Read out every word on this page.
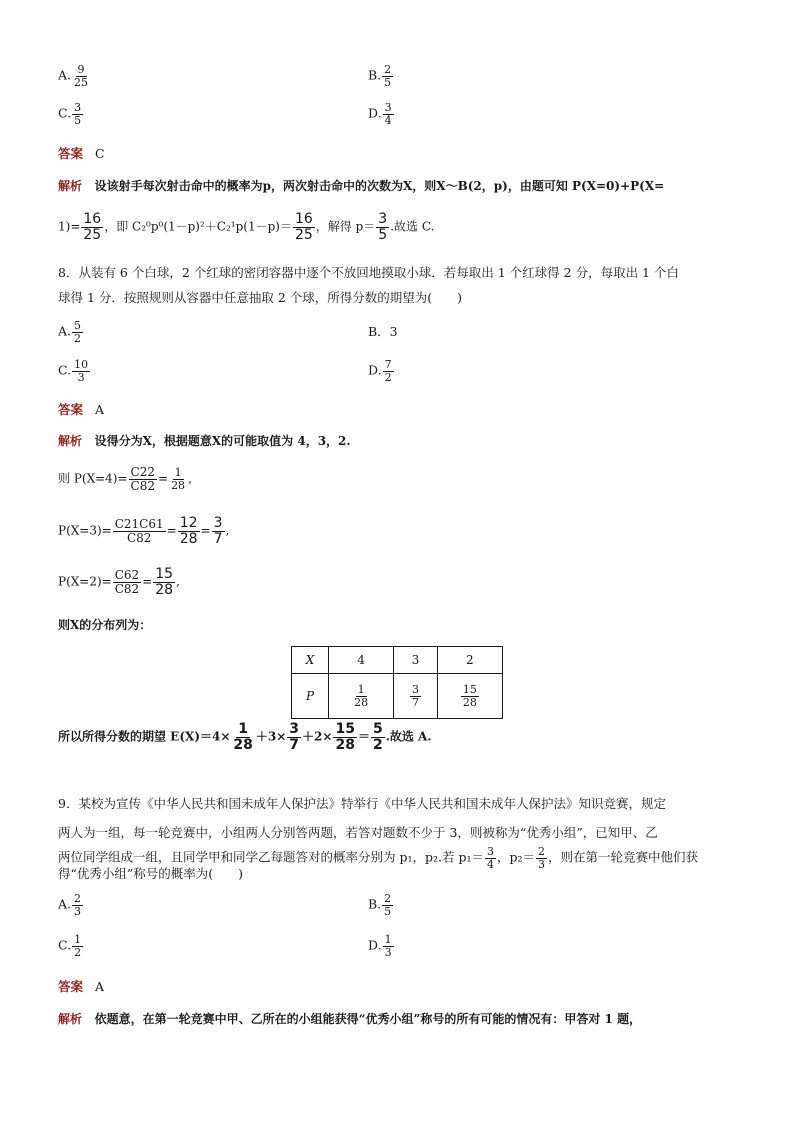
A. $\frac{9}{25}$	B. $\frac{2}{5}$
C. $\frac{3}{5}$	D. $\frac{3}{4}$
答案 C
解析 设该射手每次射击命中的概率为p，两次射击命中的次数为X，则X～B(2，p)，由题可知 P(X=0)+P(X=
$1)= \frac{16}{25}$ ，即 $C_2^0p^0(1-p)^2+C_2^1p(1-p)= \frac{16}{25}$ ，解得 $p= \frac{3}{5}$ .故选 C.
8．从装有 6 个白球，2 个红球的密闭容器中逐个不放回地摸取小球．若每取出 1 个红球得 2 分，每取出 1 个白
球得 1 分．按照规则从容器中任意抽取 2 个球，所得分数的期望为(　　)
A. $\frac{5}{2}$	B．3
C. $\frac{10}{3}$	D. $\frac{7}{2}$
答案 A
解析 设得分为X，根据题意X的可能取值为 4，3，2.
则 $P(X=4)= \frac{C22}{C82} = \frac{1}{28}$ ,
$P(X=3)= \frac{C21C61}{C82} = \frac{12}{28} = \frac{3}{7}$ ,
$P(X=2)= \frac{C62}{C82} = \frac{15}{28}$ ,
则X的分布列为：
X	4	3	2
P	$\frac{1}{28}$	$\frac{3}{7}$	$\frac{15}{28}$
所以所得分数的期望 $E(X)=4\times \frac{1}{28} +3\times \frac{3}{7} +2\times \frac{15}{28} = \frac{5}{2}$ .故选 A.
9．某校为宣传《中华人民共和国未成年人保护法》特举行《中华人民共和国未成年人保护法》知识竞赛，规定
两人为一组，每一轮竞赛中，小组两人分别答两题，若答对题数不少于 3，则被称为“优秀小组”，已知甲、乙
两位同学组成一组，且同学甲和同学乙每题答对的概率分别为 p₁，p₂.若 $p_1= \frac{3}{4}$ ，$p_2= \frac{2}{3}$ ，则在第一轮竞赛中他们获
得“优秀小组”称号的概率为(　　)
A. $\frac{2}{3}$	B. $\frac{2}{5}$
C. $\frac{1}{2}$	D. $\frac{1}{3}$
答案 A
解析 依题意，在第一轮竞赛中甲、乙所在的小组能获得“优秀小组”称号的所有可能的情况有：甲答对 1 题，
